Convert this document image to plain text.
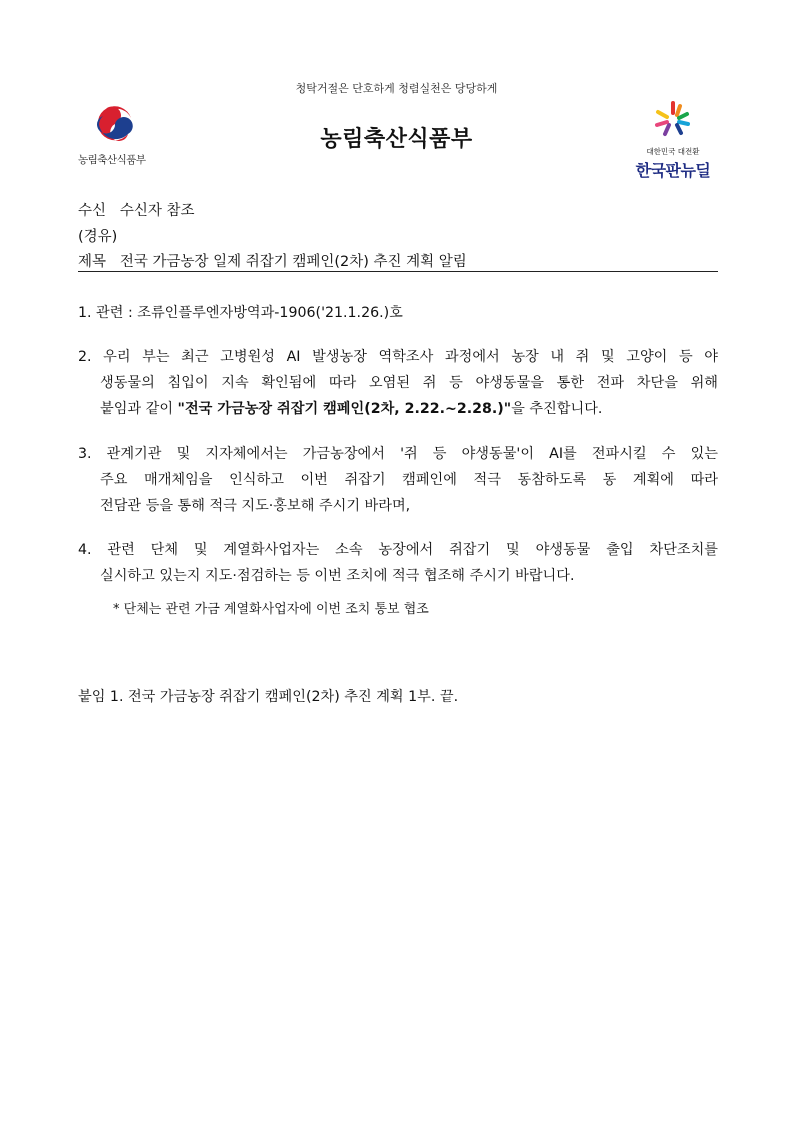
청탁거절은 단호하게 청렴실천은 당당하게
농림축산식품부
농림축산식품부	대한민국 대전환
한국판뉴딜
수신 수신자 참조
(경유)
제목 전국 가금농장 일제 쥐잡기 캠페인(2차) 추진 계획 알림
1. 관련 : 조류인플루엔자방역과-1906('21.1.26.)호
2. 우리 부는 최근 고병원성 AI 발생농장 역학조사 과정에서 농장 내 쥐 및 고양이 등 야
생동물의 침입이 지속 확인됨에 따라 오염된 쥐 등 야생동물을 통한 전파 차단을 위해
붙임과 같이 "전국 가금농장 쥐잡기 캠페인(2차, 2.22.~2.28.)"을 추진합니다.
3. 관계기관 및 지자체에서는 가금농장에서 '쥐 등 야생동물'이 AI를 전파시킬 수 있는
주요 매개체임을 인식하고 이번 쥐잡기 캠페인에 적극 동참하도록 동 계획에 따라
전담관 등을 통해 적극 지도·홍보해 주시기 바라며,
4. 관련 단체 및 계열화사업자는 소속 농장에서 쥐잡기 및 야생동물 출입 차단조치를
실시하고 있는지 지도·점검하는 등 이번 조치에 적극 협조해 주시기 바랍니다.
* 단체는 관련 가금 계열화사업자에 이번 조치 통보 협조
붙임 1. 전국 가금농장 쥐잡기 캠페인(2차) 추진 계획 1부. 끝.
